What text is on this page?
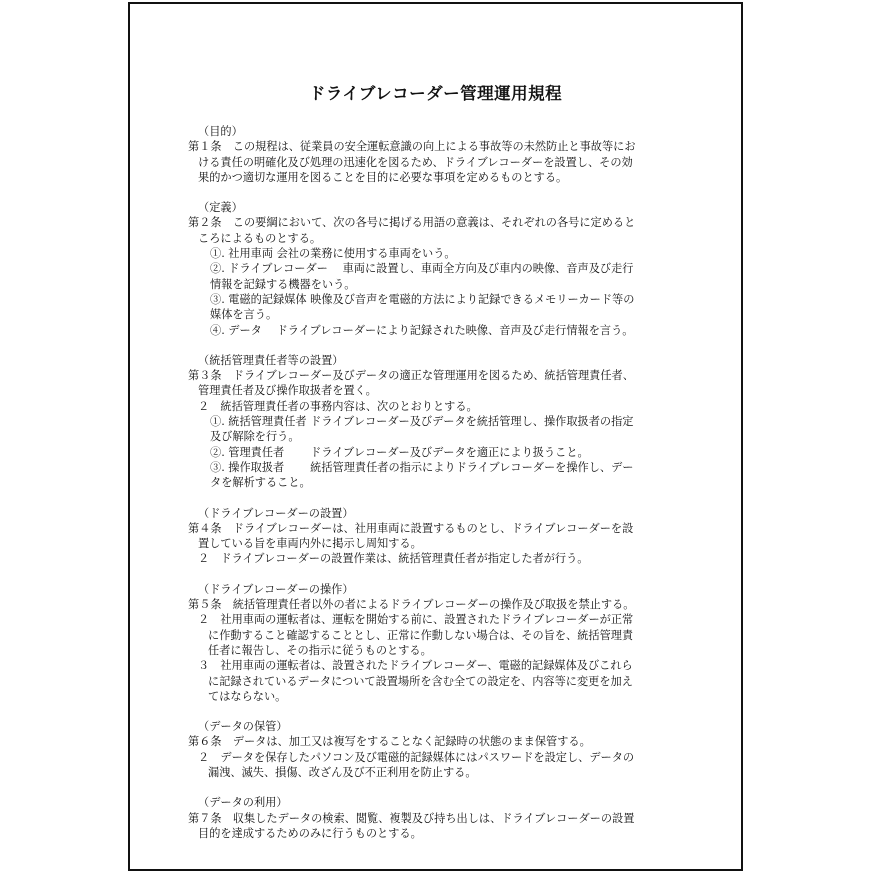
ドライブレコーダー管理運用規程
（目的）
第１条　この規程は、従業員の安全運転意識の向上による事故等の未然防止と事故等にお
ける責任の明確化及び処理の迅速化を図るため、ドライブレコーダーを設置し、その効
果的かつ適切な運用を図ることを目的に必要な事項を定めるものとする。
（定義）
第２条　この要綱において、次の各号に掲げる用語の意義は、それぞれの各号に定めると
ころによるものとする。
①. 社用車両 会社の業務に使用する車両をいう。
②. ドライブレコーダー　 車両に設置し、車両全方向及び車内の映像、音声及び走行
情報を記録する機器をいう。
③. 電磁的記録媒体 映像及び音声を電磁的方法により記録できるメモリーカード等の
媒体を言う。
④. データ　 ドライブレコーダーにより記録された映像、音声及び走行情報を言う。
（統括管理責任者等の設置）
第３条　ドライブレコーダー及びデータの適正な管理運用を図るため、統括管理責任者、
管理責任者及び操作取扱者を置く。
２　統括管理責任者の事務内容は、次のとおりとする。
①. 統括管理責任者 ドライブレコーダー及びデータを統括管理し、操作取扱者の指定
及び解除を行う。
②. 管理責任者　　 ドライブレコーダー及びデータを適正により扱うこと。
③. 操作取扱者　　 統括管理責任者の指示によりドライブレコーダーを操作し、デー
タを解析すること。
（ドライブレコーダーの設置）
第４条　ドライブレコーダーは、社用車両に設置するものとし、ドライブレコーダーを設
置している旨を車両内外に掲示し周知する。
２　ドライブレコーダーの設置作業は、統括管理責任者が指定した者が行う。
（ドライブレコーダーの操作）
第５条　統括管理責任者以外の者によるドライブレコーダーの操作及び取扱を禁止する。
２　社用車両の運転者は、運転を開始する前に、設置されたドライブレコーダーが正常
に作動すること確認することとし、正常に作動しない場合は、その旨を、統括管理責
任者に報告し、その指示に従うものとする。
３　社用車両の運転者は、設置されたドライブレコーダー、電磁的記録媒体及びこれら
に記録されているデータについて設置場所を含む全ての設定を、内容等に変更を加え
てはならない。
（データの保管）
第６条　データは、加工又は複写をすることなく記録時の状態のまま保管する。
２　データを保存したパソコン及び電磁的記録媒体にはパスワードを設定し、データの
漏洩、滅失、損傷、改ざん及び不正利用を防止する。
（データの利用）
第７条　収集したデータの検索、閲覧、複製及び持ち出しは、ドライブレコーダーの設置
目的を達成するためのみに行うものとする。
